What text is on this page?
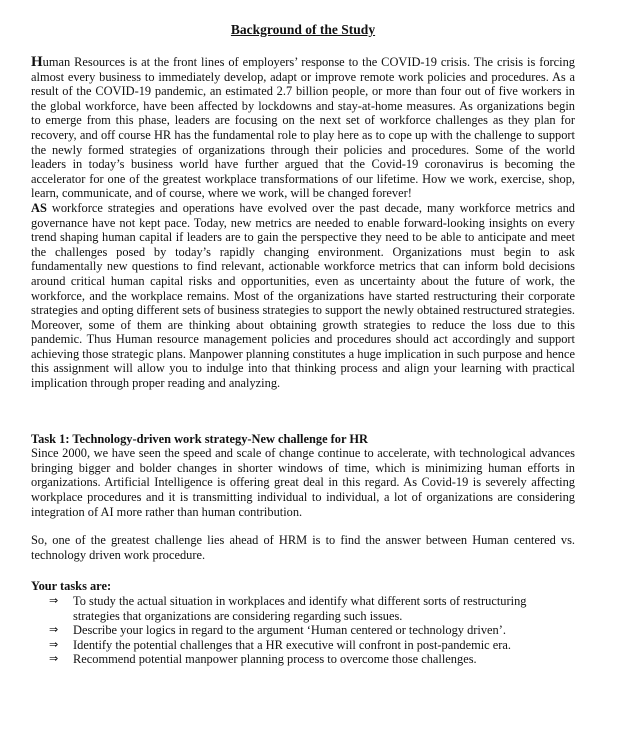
Background of the Study

Human Resources is at the front lines of employers’ response to the COVID-19 crisis. The crisis is forcing almost every business to immediately develop, adapt or improve remote work policies and procedures. As a result of the COVID-19 pandemic, an estimated 2.7 billion people, or more than four out of five workers in the global workforce, have been affected by lockdowns and stay-at-home measures. As organizations begin to emerge from this phase, leaders are focusing on the next set of workforce challenges as they plan for recovery, and off course HR has the fundamental role to play here as to cope up with the challenge to support the newly formed strategies of organizations through their policies and procedures. Some of the world leaders in today’s business world have further argued that the Covid-19 coronavirus is becoming the accelerator for one of the greatest workplace transformations of our lifetime. How we work, exercise, shop, learn, communicate, and of course, where we work, will be changed forever!

AS workforce strategies and operations have evolved over the past decade, many workforce metrics and governance have not kept pace. Today, new metrics are needed to enable forward-looking insights on every trend shaping human capital if leaders are to gain the perspective they need to be able to anticipate and meet the challenges posed by today’s rapidly changing environment. Organizations must begin to ask fundamentally new questions to find relevant, actionable workforce metrics that can inform bold decisions around critical human capital risks and opportunities, even as uncertainty about the future of work, the workforce, and the workplace remains. Most of the organizations have started restructuring their corporate strategies and opting different sets of business strategies to support the newly obtained restructured strategies. Moreover, some of them are thinking about obtaining growth strategies to reduce the loss due to this pandemic. Thus Human resource management policies and procedures should act accordingly and support achieving those strategic plans. Manpower planning constitutes a huge implication in such purpose and hence this assignment will allow you to indulge into that thinking process and align your learning with practical implication through proper reading and analyzing.

Task 1: Technology-driven work strategy-New challenge for HR

Since 2000, we have seen the speed and scale of change continue to accelerate, with technological advances bringing bigger and bolder changes in shorter windows of time, which is minimizing human efforts in organizations. Artificial Intelligence is offering great deal in this regard. As Covid-19 is severely affecting workplace procedures and it is transmitting individual to individual, a lot of organizations are considering integration of AI more rather than human contribution.

So, one of the greatest challenge lies ahead of HRM is to find the answer between Human centered vs. technology driven work procedure.

Your tasks are:

⇒ To study the actual situation in workplaces and identify what different sorts of restructuring strategies that organizations are considering regarding such issues.
⇒ Describe your logics in regard to the argument ‘Human centered or technology driven’.
⇒ Identify the potential challenges that a HR executive will confront in post-pandemic era.
⇒ Recommend potential manpower planning process to overcome those challenges.
